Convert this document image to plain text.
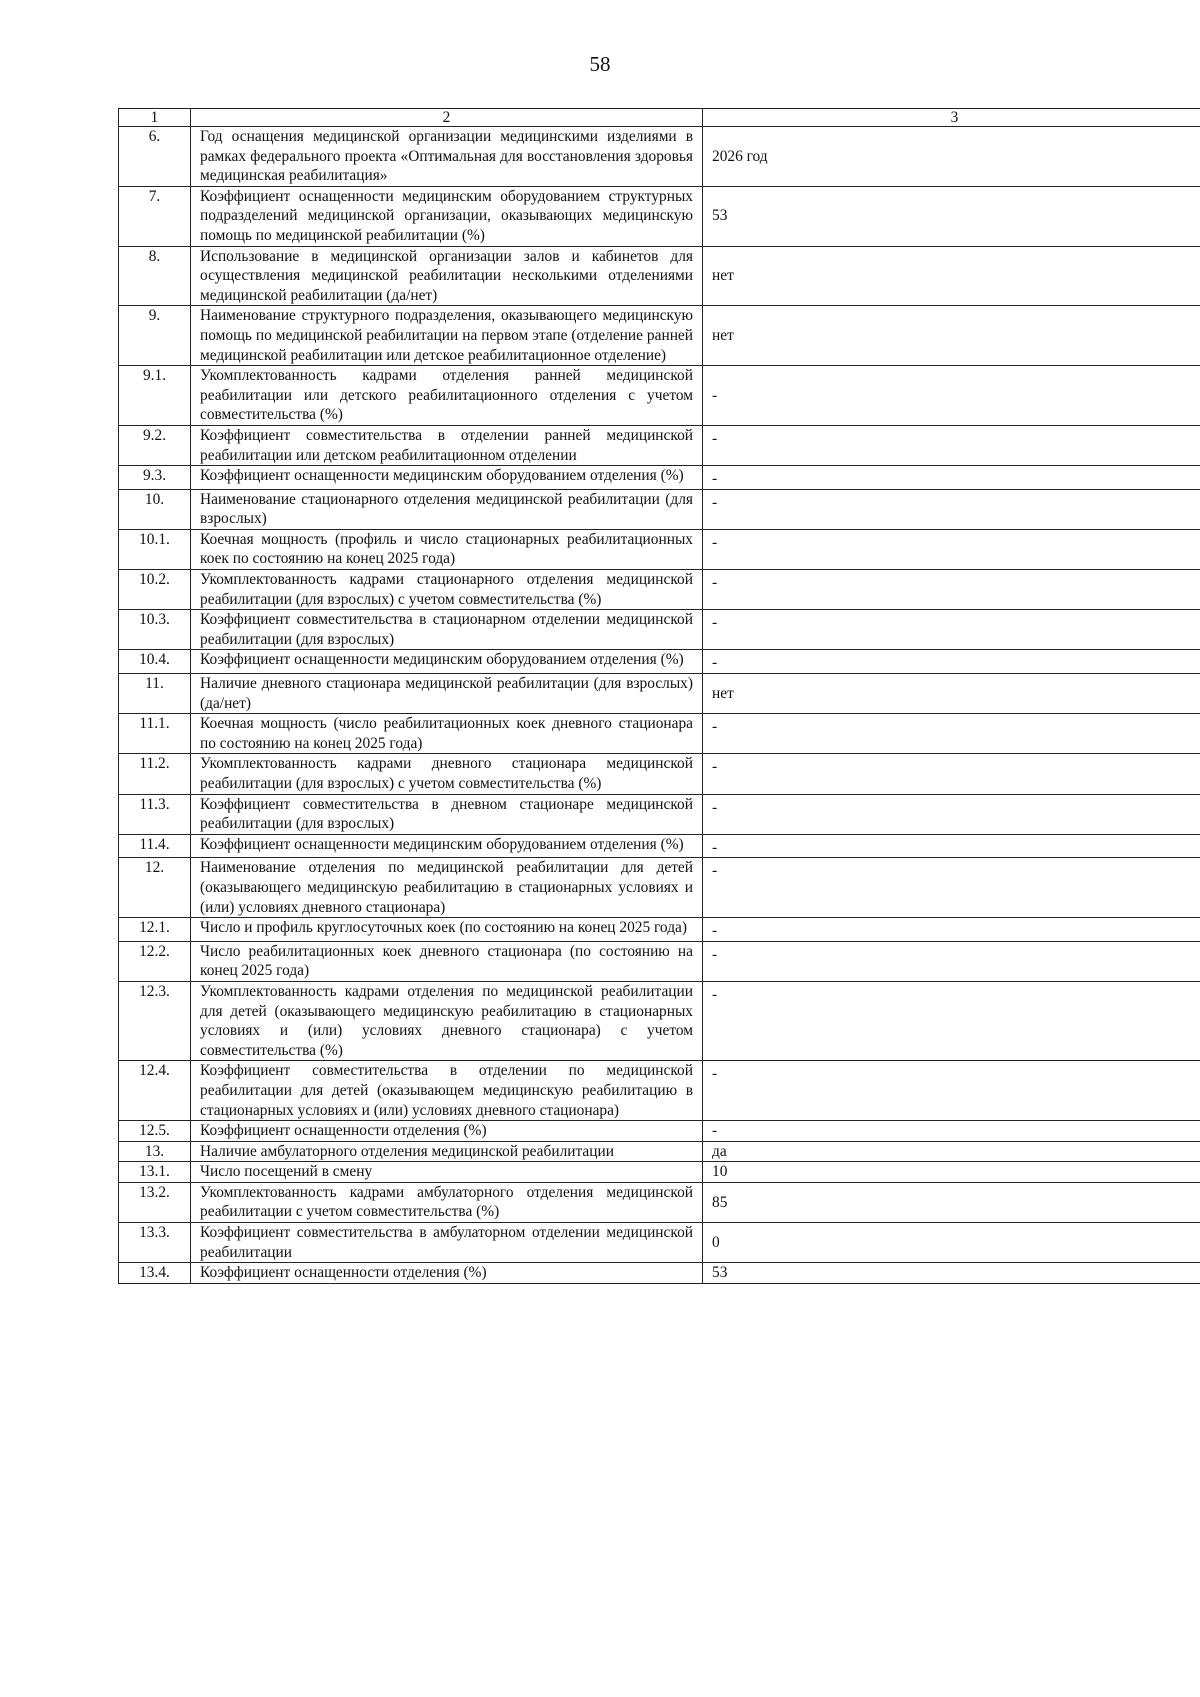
58
1	2	3
6.	Год оснащения медицинской организации медицинскими изделиями в рамках федерального проекта «Оптимальная для восстановления здоровья медицинская реабилитация»	2026 год
7.	Коэффициент оснащенности медицинским оборудованием структурных подразделений медицинской организации, оказывающих медицинскую помощь по медицинской реабилитации (%)	53
8.	Использование в медицинской организации залов и кабинетов для осуществления медицинской реабилитации несколькими отделениями медицинской реабилитации (да/нет)	нет
9.	Наименование структурного подразделения, оказывающего медицинскую помощь по медицинской реабилитации на первом этапе (отделение ранней медицинской реабилитации или детское реабилитационное отделение)	нет
9.1.	Укомплектованность кадрами отделения ранней медицинской реабилитации или детского реабилитационного отделения с учетом совместительства (%)	-
9.2.	Коэффициент совместительства в отделении ранней медицинской реабилитации или детском реабилитационном отделении	-
9.3.	Коэффициент оснащенности медицинским оборудованием отделения (%)	-
10.	Наименование стационарного отделения медицинской реабилитации (для взрослых)	-
10.1.	Коечная мощность (профиль и число стационарных реабилитационных коек по состоянию на конец 2025 года)	-
10.2.	Укомплектованность кадрами стационарного отделения медицинской реабилитации (для взрослых) с учетом совместительства (%)	-
10.3.	Коэффициент совместительства в стационарном отделении медицинской реабилитации (для взрослых)	-
10.4.	Коэффициент оснащенности медицинским оборудованием отделения (%)	-
11.	Наличие дневного стационара медицинской реабилитации (для взрослых) (да/нет)	нет
11.1.	Коечная мощность (число реабилитационных коек дневного стационара по состоянию на конец 2025 года)	-
11.2.	Укомплектованность кадрами дневного стационара медицинской реабилитации (для взрослых) с учетом совместительства (%)	-
11.3.	Коэффициент совместительства в дневном стационаре медицинской реабилитации (для взрослых)	-
11.4.	Коэффициент оснащенности медицинским оборудованием отделения (%)	-
12.	Наименование отделения по медицинской реабилитации для детей (оказывающего медицинскую реабилитацию в стационарных условиях и (или) условиях дневного стационара)	-
12.1.	Число и профиль круглосуточных коек (по состоянию на конец 2025 года)	-
12.2.	Число реабилитационных коек дневного стационара (по состоянию на конец 2025 года)	-
12.3.	Укомплектованность кадрами отделения по медицинской реабилитации для детей (оказывающего медицинскую реабилитацию в стационарных условиях и (или) условиях дневного стационара) с учетом совместительства (%)	-
12.4.	Коэффициент совместительства в отделении по медицинской реабилитации для детей (оказывающем медицинскую реабилитацию в стационарных условиях и (или) условиях дневного стационара)	-
12.5.	Коэффициент оснащенности отделения (%)	-
13.	Наличие амбулаторного отделения медицинской реабилитации	да
13.1.	Число посещений в смену	10
13.2.	Укомплектованность кадрами амбулаторного отделения медицинской реабилитации с учетом совместительства (%)	85
13.3.	Коэффициент совместительства в амбулаторном отделении медицинской реабилитации	0
13.4.	Коэффициент оснащенности отделения (%)	53
